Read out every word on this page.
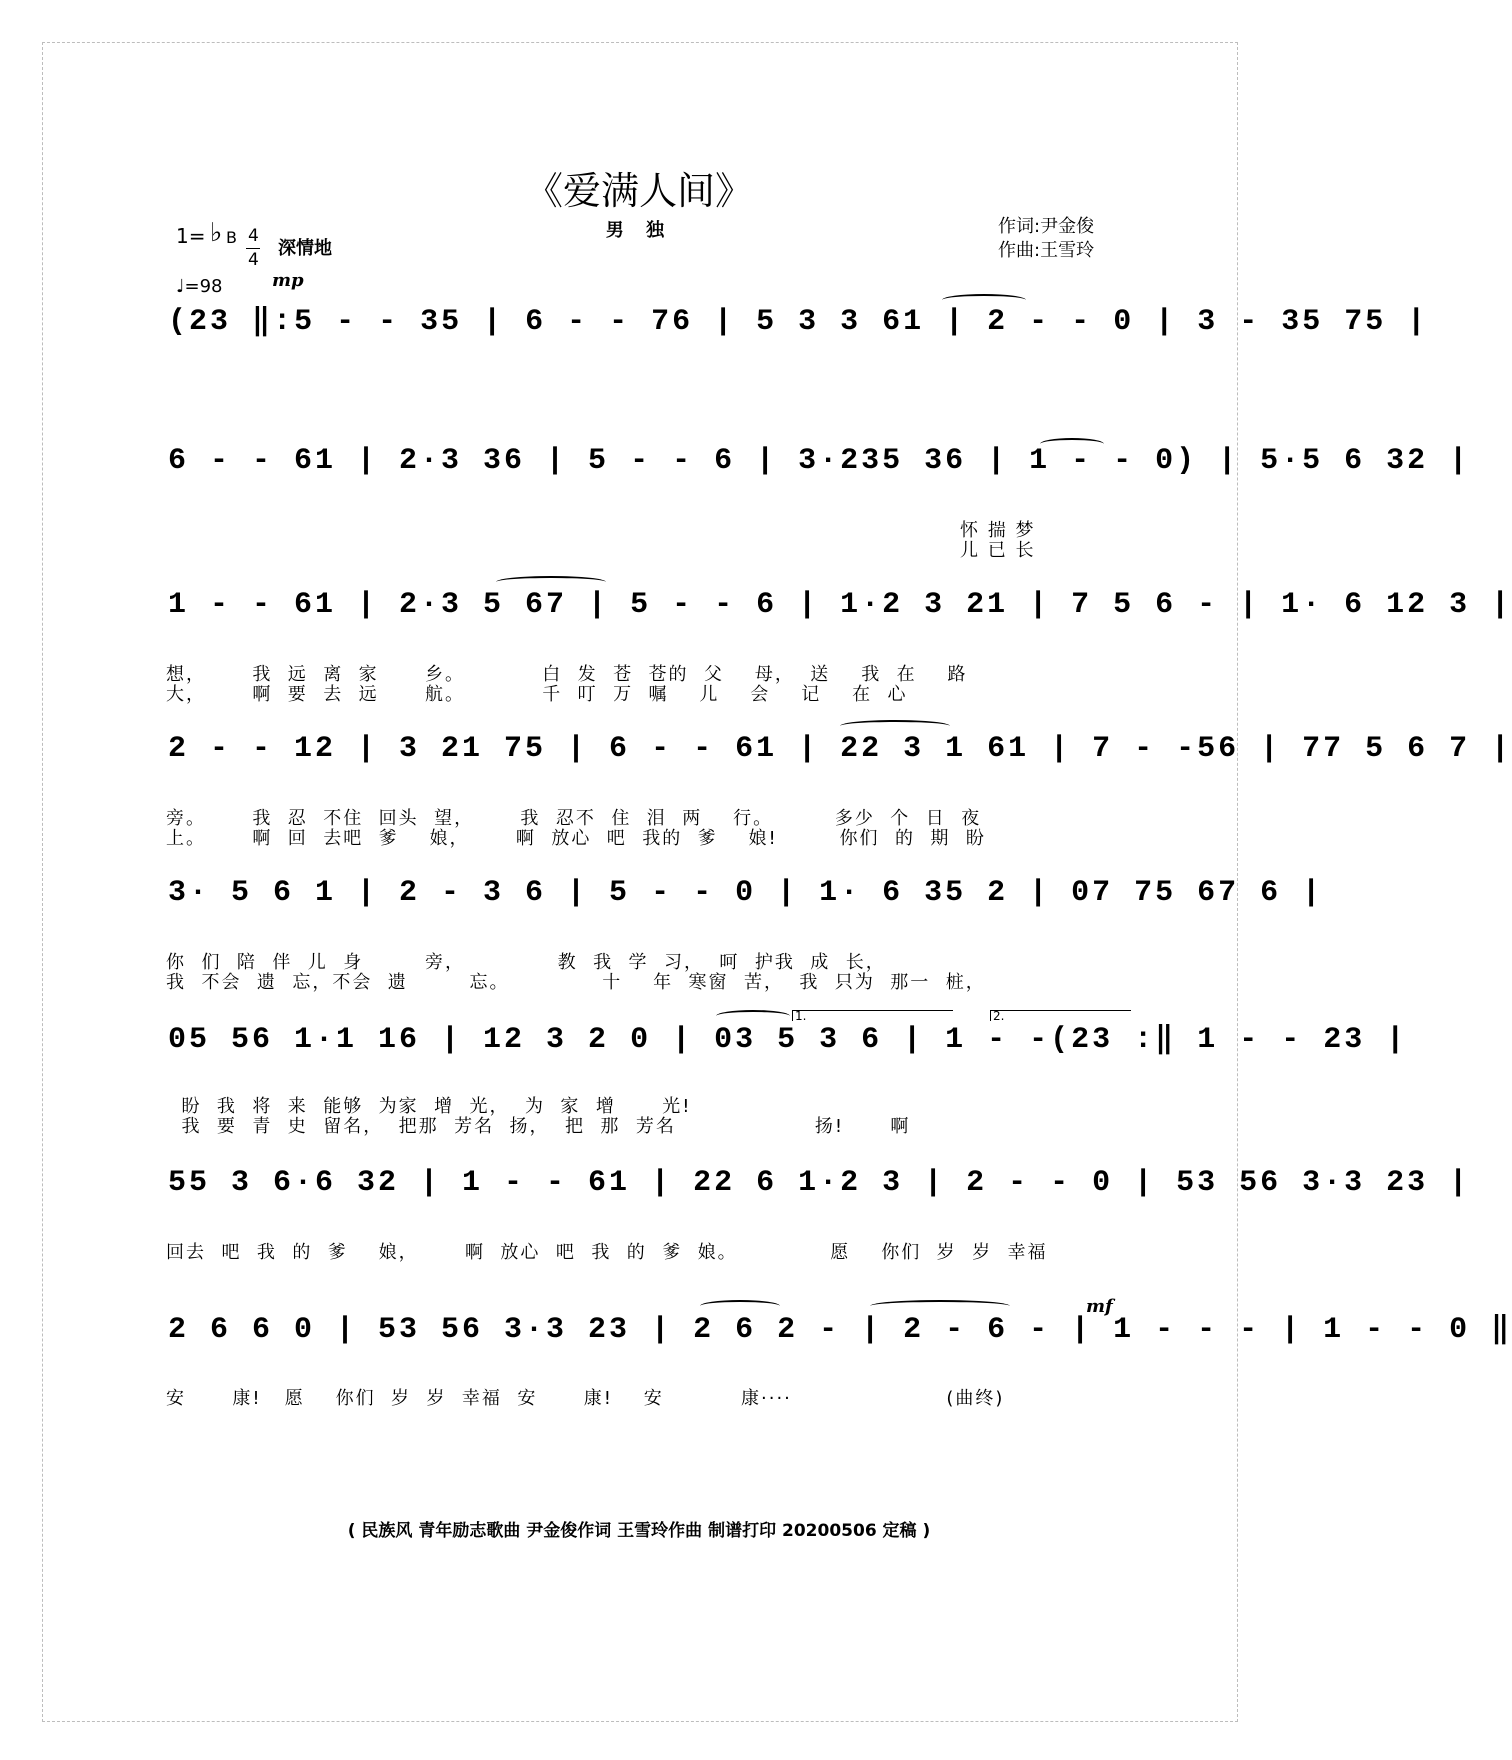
《爱满人间》
男 独	作词:尹金俊
作曲:王雪玲
1= ♭ B 4
4
深情地
♩=98	mp
(23 ‖:5 - - 35 | 6 - - 76 | 5 3 3 61 | 2 - - 0 | 3 - 35 75 |
6 - - 61 | 2·3 36 | 5 - - 6 | 3·235 36 | 1 - - 0) | 5·5 6 32 |
怀 揣 梦
儿 已 长
1 - - 61 | 2·3 5 67 | 5 - - 6 | 1·2 3 21 | 7 5 6 - | 1· 6 12 3 |
想，      我  远  离  家      乡。          白  发  苍  苍的  父    母，  送    我  在    路
大，      啊  要  去  远      航。          千  叮  万  嘱    儿    会    记    在  心
2 - - 12 | 3 21 75 | 6 - - 61 | 22 3 1 61 | 7 - -56 | 77 5 6 7 |
旁。      我  忍  不住  回头  望，      我  忍不  住  泪  两    行。        多少  个  日  夜
上。      啊  回  去吧  爹    娘，      啊  放心  吧  我的  爹    娘!        你们  的  期  盼
3· 5 6 1 | 2 - 3 6 | 5 - - 0 | 1· 6 35 2 | 07 75 67 6 |
你  们  陪  伴  儿  身        旁，            教  我  学  习，  呵  护我  成  长，
我  不会  遗  忘，不会  遗        忘。            十    年  寒窗  苦，  我  只为  那一  桩，
1.	2.
05 56 1·1 16 | 12 3 2 0 | 03 5 3 6 | 1 - -(23 :‖ 1 - - 23 |
盼  我  将  来  能够  为家  增  光，  为  家  增      光!
我  要  青  史  留名，  把那  芳名  扬，  把  那  芳名                  扬!      啊
55 3 6·6 32 | 1 - - 61 | 22 6 1·2 3 | 2 - - 0 | 53 56 3·3 23 |
回去  吧  我  的  爹    娘，      啊  放心  吧  我  的  爹  娘。            愿    你们  岁  岁  幸福
mf
2 6 6 0 | 53 56 3·3 23 | 2 6 2 - | 2 - 6 - | 1 - - - | 1 - - 0 ‖
安      康!   愿    你们  岁  岁  幸福  安      康!    安          康····                    (曲终)
( 民族风 青年励志歌曲 尹金俊作词 王雪玲作曲 制谱打印 20200506 定稿 )
